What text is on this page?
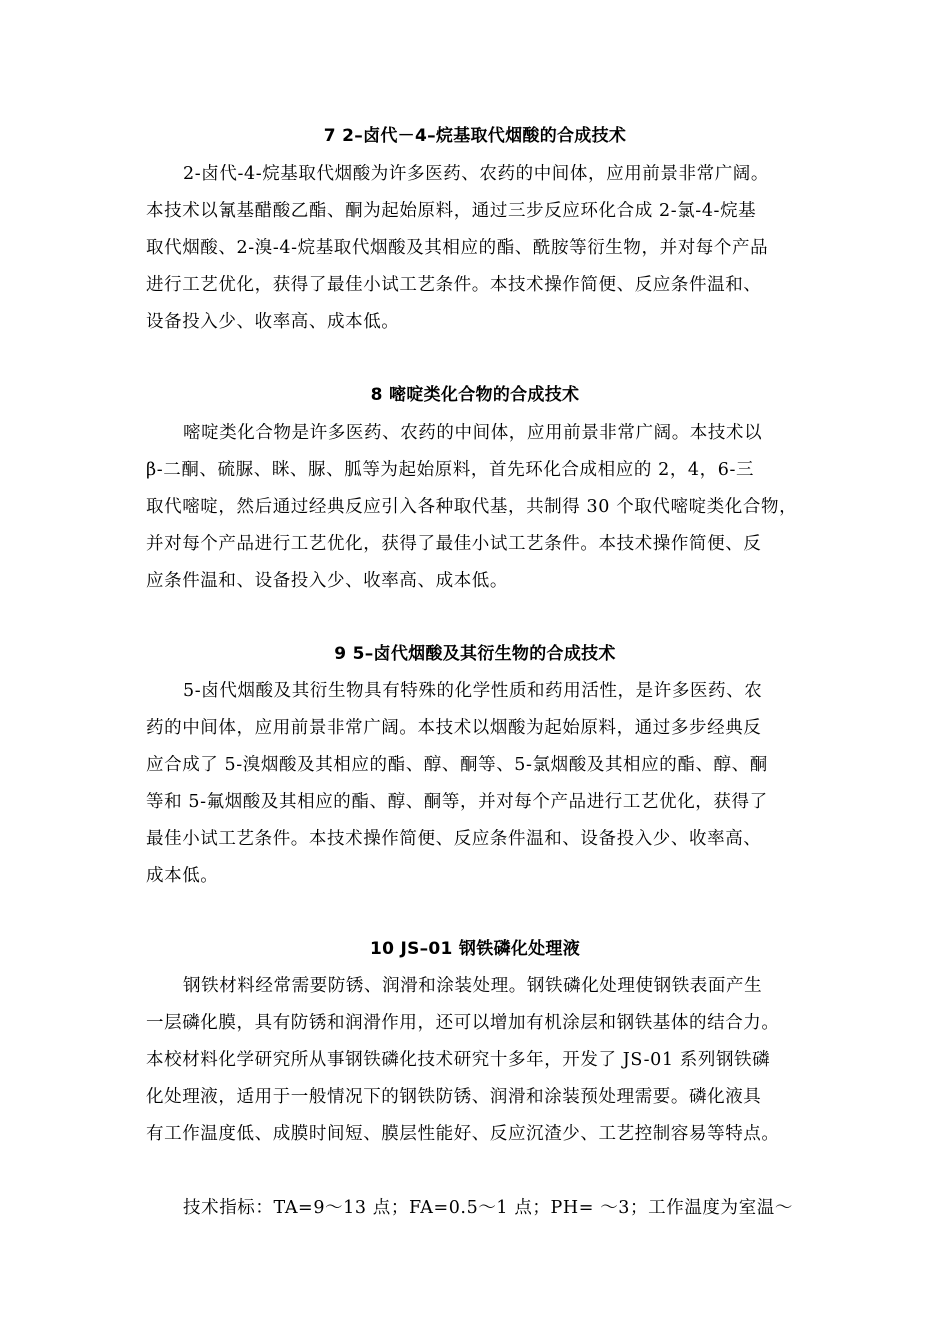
7 2–卤代－4–烷基取代烟酸的合成技术
2-卤代-4-烷基取代烟酸为许多医药、农药的中间体，应用前景非常广阔。
本技术以氰基醋酸乙酯、酮为起始原料，通过三步反应环化合成 2-氯-4-烷基
取代烟酸、2-溴-4-烷基取代烟酸及其相应的酯、酰胺等衍生物，并对每个产品
进行工艺优化，获得了最佳小试工艺条件。本技术操作简便、反应条件温和、
设备投入少、收率高、成本低。
8 嘧啶类化合物的合成技术
嘧啶类化合物是许多医药、农药的中间体，应用前景非常广阔。本技术以
β-二酮、硫脲、眯、脲、胍等为起始原料，首先环化合成相应的 2，4，6-三
取代嘧啶，然后通过经典反应引入各种取代基，共制得 30 个取代嘧啶类化合物，
并对每个产品进行工艺优化，获得了最佳小试工艺条件。本技术操作简便、反
应条件温和、设备投入少、收率高、成本低。
9 5–卤代烟酸及其衍生物的合成技术
5-卤代烟酸及其衍生物具有特殊的化学性质和药用活性，是许多医药、农
药的中间体，应用前景非常广阔。本技术以烟酸为起始原料，通过多步经典反
应合成了 5-溴烟酸及其相应的酯、醇、酮等、5-氯烟酸及其相应的酯、醇、酮
等和 5-氟烟酸及其相应的酯、醇、酮等，并对每个产品进行工艺优化，获得了
最佳小试工艺条件。本技术操作简便、反应条件温和、设备投入少、收率高、
成本低。
10 JS–01 钢铁磷化处理液
钢铁材料经常需要防锈、润滑和涂装处理。钢铁磷化处理使钢铁表面产生
一层磷化膜，具有防锈和润滑作用，还可以增加有机涂层和钢铁基体的结合力。
本校材料化学研究所从事钢铁磷化技术研究十多年，开发了 JS-01 系列钢铁磷
化处理液，适用于一般情况下的钢铁防锈、润滑和涂装预处理需要。磷化液具
有工作温度低、成膜时间短、膜层性能好、反应沉渣少、工艺控制容易等特点。
技术指标：TA=9～13 点；FA=0.5～1 点；PH= ～3；工作温度为室温～
